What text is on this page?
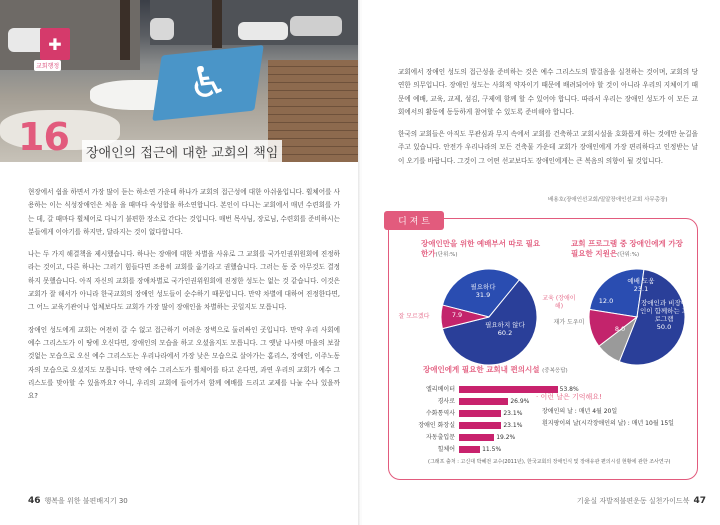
♿
✚
교회행정
16	장애인의 접근에 대한 교회의 책임

현장에서 쉽을 하면서 가장 많이 듣는 하소연 가운데 하나가 교회의 접근성에 대한 아쉬움입니다. 휠체어를 사용하는 이는 식성장애인은 처음 을 때마다 숙성합을 하소연합니다. 본인이 다니는 교회에서 매년 수련회를 가는 데, 갈 때마다 휠체어로 다니기 불편한 장소로 간다는 것입니다. 매번 목사님, 장로님, 수련회를 준비하시는 분들에게 이야기를 하지만, 달라지는 것이 없다합니다.

나는 두 가지 해결책을 제시했습니다. 하나는 장애에 대한 차별을 사유로 그 교회를 국가인권위원회에 진정하라는 것이고, 다른 하나는 그러기 힘들다면 조용히 교회를 옮기라고 권했습니다. 그러는 동 중 아무것도 결정하지 못했습니다. 아직 자신의 교회를 장애차별로 국가인권위원회에 진정한 성도는 없는 것 같습니다. 이것은 교회가 잘 해서가 아니라 한국교회의 장애인 성도들이 순수하기 때문입니다. 만약 차별에 대하여 진정한다면, 그 어느 교육기관이나 업체보다도 교회가 가장 많이 장애인을 차별하는 곳일지도 모릅니다.

장애인 성도에게 교회는 여전히 갈 수 없고 접근하기 어려운 장벽으로 둘러싸인 곳입니다. 만약 우리 사회에 예수 그리스도가 이 땅에 오신다면, 장애인의 모습을 하고 오셨을지도 모릅니다. 그 옛날 나사렛 마을의 보잘 것없는 모습으로 오신 예수 그리스도는 우리나라에서 가장 낮은 모습으로 살아가는 홈리스, 장애인, 이주노동자의 모습으로 오셨지도 모릅니다. 만약 예수 그리스도가 휠체어를 타고 온다면, 과연 우리의 교회가 예수 그리스도를 맞아할 수 있을까요? 아니, 우리의 교회에 들어가서 함께 예배를 드리고 교제를 나눌 수나 있을까요?

46 행복을 위한 불편배지기 30

교회에서 장애인 성도의 접근성을 준비하는 것은 예수 그리스도의 발걸음을 실천하는 것이며, 교회의 당연한 의무입니다. 장애인 성도는 사회적 약자이기 때문에 배려되어야 할 것이 아니라 우리의 지체이기 때문에 예배, 교육, 교제, 섬김, 구제에 함께 할 수 있어야 합니다. 따라서 우리는 장애인 성도가 이 모든 교회에서의 활동에 동등하게 참여할 수 있도록 준비해야 합니다.

한국의 교회들은 아직도 무관심과 무지 속에서 교회를 건축하고 교회시설을 호화롭게 하는 것에만 눈길을 주고 있습니다. 안전가 우리나라의 모든 건축물 가운데 교회가 장애인에게 가장 편리하다고 인정받는 날이 오기를 바랍니다. 그것이 그 어떤 선교보다도 장애인에게는 큰 복음의 의향이 될 것입니다.

배용호(장애인선교회/밀알장애인선교회 사무총장)
디 져 트
장애인만을 위한 예배부서 따로 필요한가(단위:%)
교회 프로그램 중 장애인에게 가장 필요한 지원은(단위:%)
필요하다
31.9
필요하지 않다
60.2
7.9
잘 모르겠다
예배 도움
23.1
장애인과 비장애인이 함께하는 프로그램
50.0
12.0
8.0
교육 (장애이해)
재가 도우미
장애인에게 필요한 교회내 편의시설 (중복응답)
엘리베이터	53.8%
경사로	26.9%
수화통역사	23.1%
장애인 화장실	23.1%
자동출입문	19.2%
힐체어	11.5%
· 이런 날은 기억해요!
장애인의 날 : 매년 4월 20일
흰지팡이의 날(시각장애인의 날) : 매년 10월 15일
(그래프 출처 : 고신대 박혜전 교수(2011년), 한국교회의 장애인식 및 장애유관 편의시설 현황에 관한 조사연구)
기윤실 자발적불편운동 실천가이드북 47
